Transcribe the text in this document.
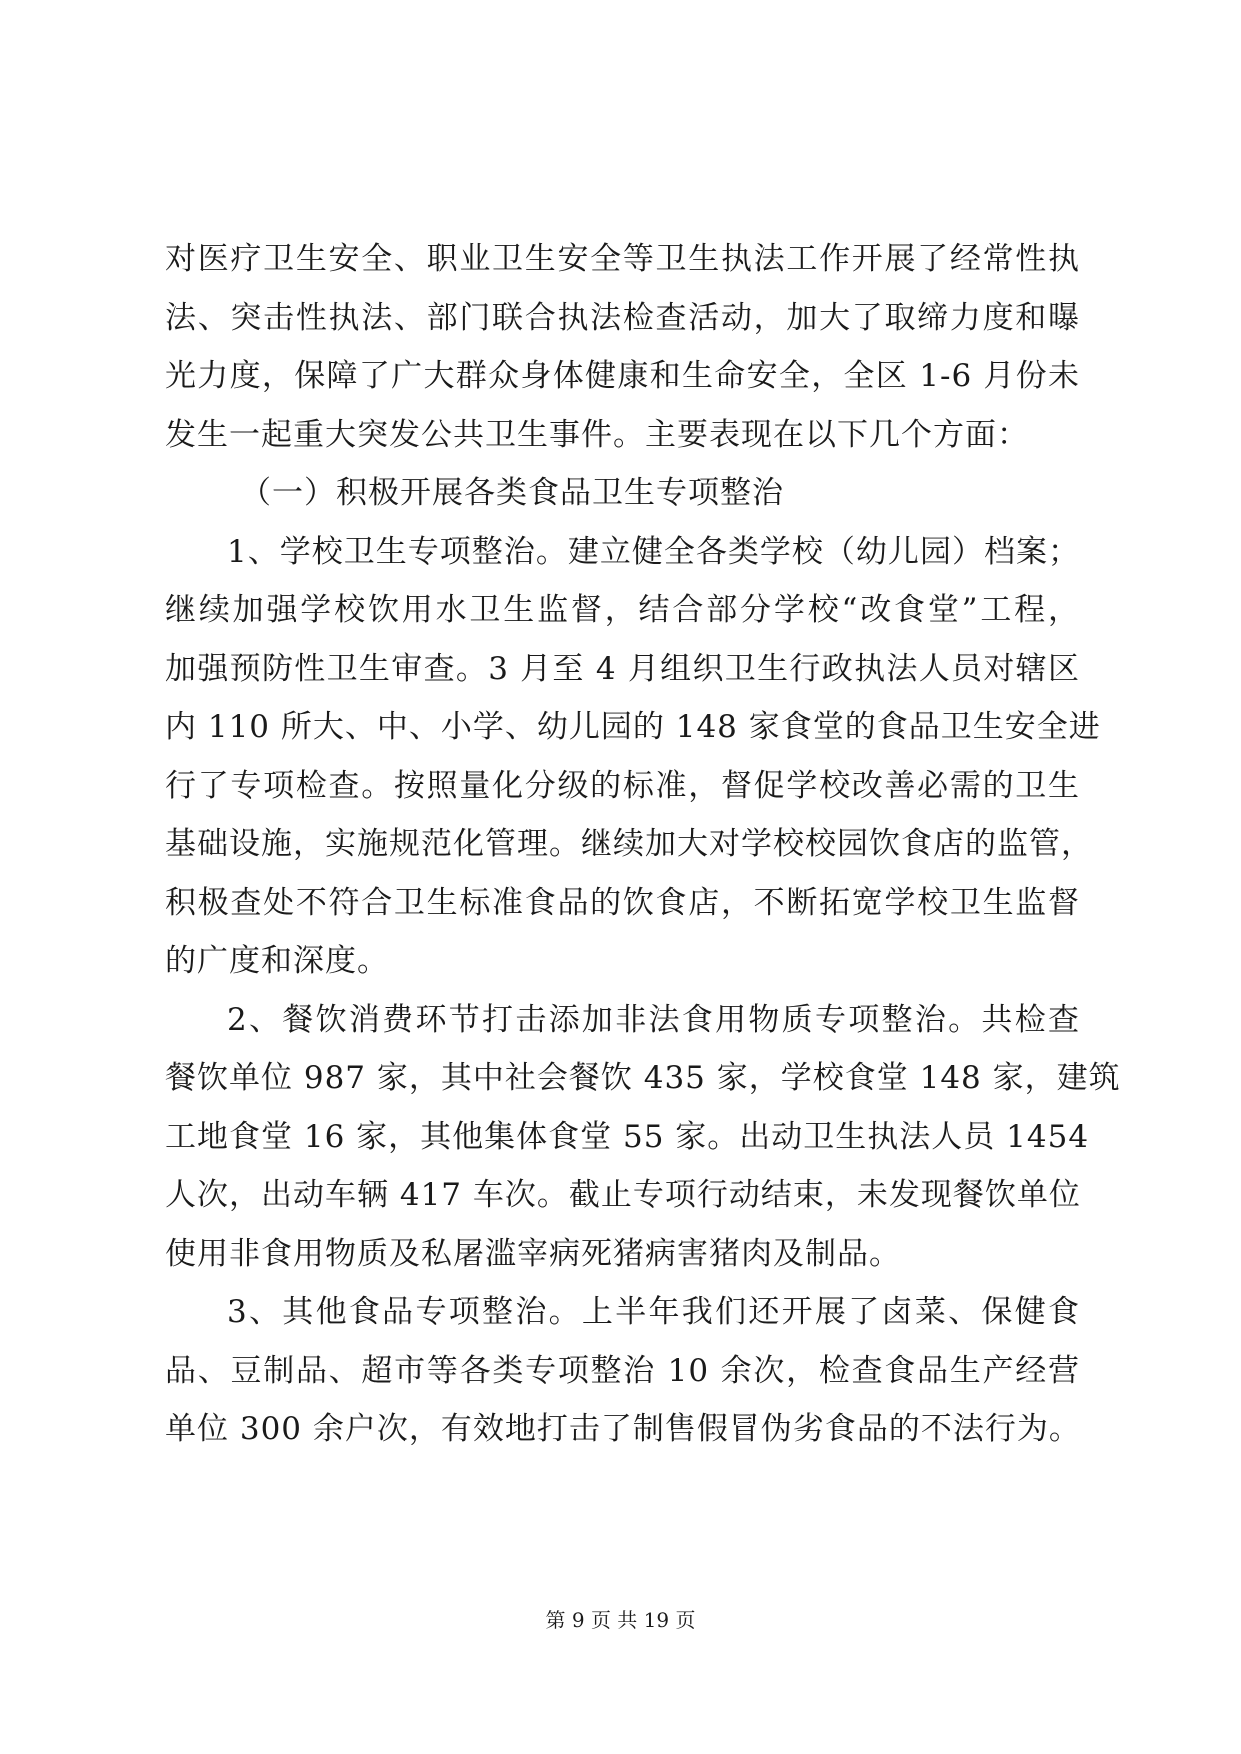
对医疗卫生安全、职业卫生安全等卫生执法工作开展了经常性执
法、突击性执法、部门联合执法检查活动，加大了取缔力度和曝
光力度，保障了广大群众身体健康和生命安全，全区 1-6 月份未
发生一起重大突发公共卫生事件。主要表现在以下几个方面：
（一）积极开展各类食品卫生专项整治
1、学校卫生专项整治。建立健全各类学校（幼儿园）档案；
继续加强学校饮用水卫生监督，结合部分学校“改食堂”工程，
加强预防性卫生审查。3 月至 4 月组织卫生行政执法人员对辖区
内 110 所大、中、小学、幼儿园的 148 家食堂的食品卫生安全进
行了专项检查。按照量化分级的标准，督促学校改善必需的卫生
基础设施，实施规范化管理。继续加大对学校校园饮食店的监管，
积极查处不符合卫生标准食品的饮食店，不断拓宽学校卫生监督
的广度和深度。
2、餐饮消费环节打击添加非法食用物质专项整治。共检查
餐饮单位 987 家，其中社会餐饮 435 家，学校食堂 148 家，建筑
工地食堂 16 家，其他集体食堂 55 家。出动卫生执法人员 1454
人次，出动车辆 417 车次。截止专项行动结束，未发现餐饮单位
使用非食用物质及私屠滥宰病死猪病害猪肉及制品。
3、其他食品专项整治。上半年我们还开展了卤菜、保健食
品、豆制品、超市等各类专项整治 10 余次，检查食品生产经营
单位 300 余户次，有效地打击了制售假冒伪劣食品的不法行为。
第 9 页 共 19 页
